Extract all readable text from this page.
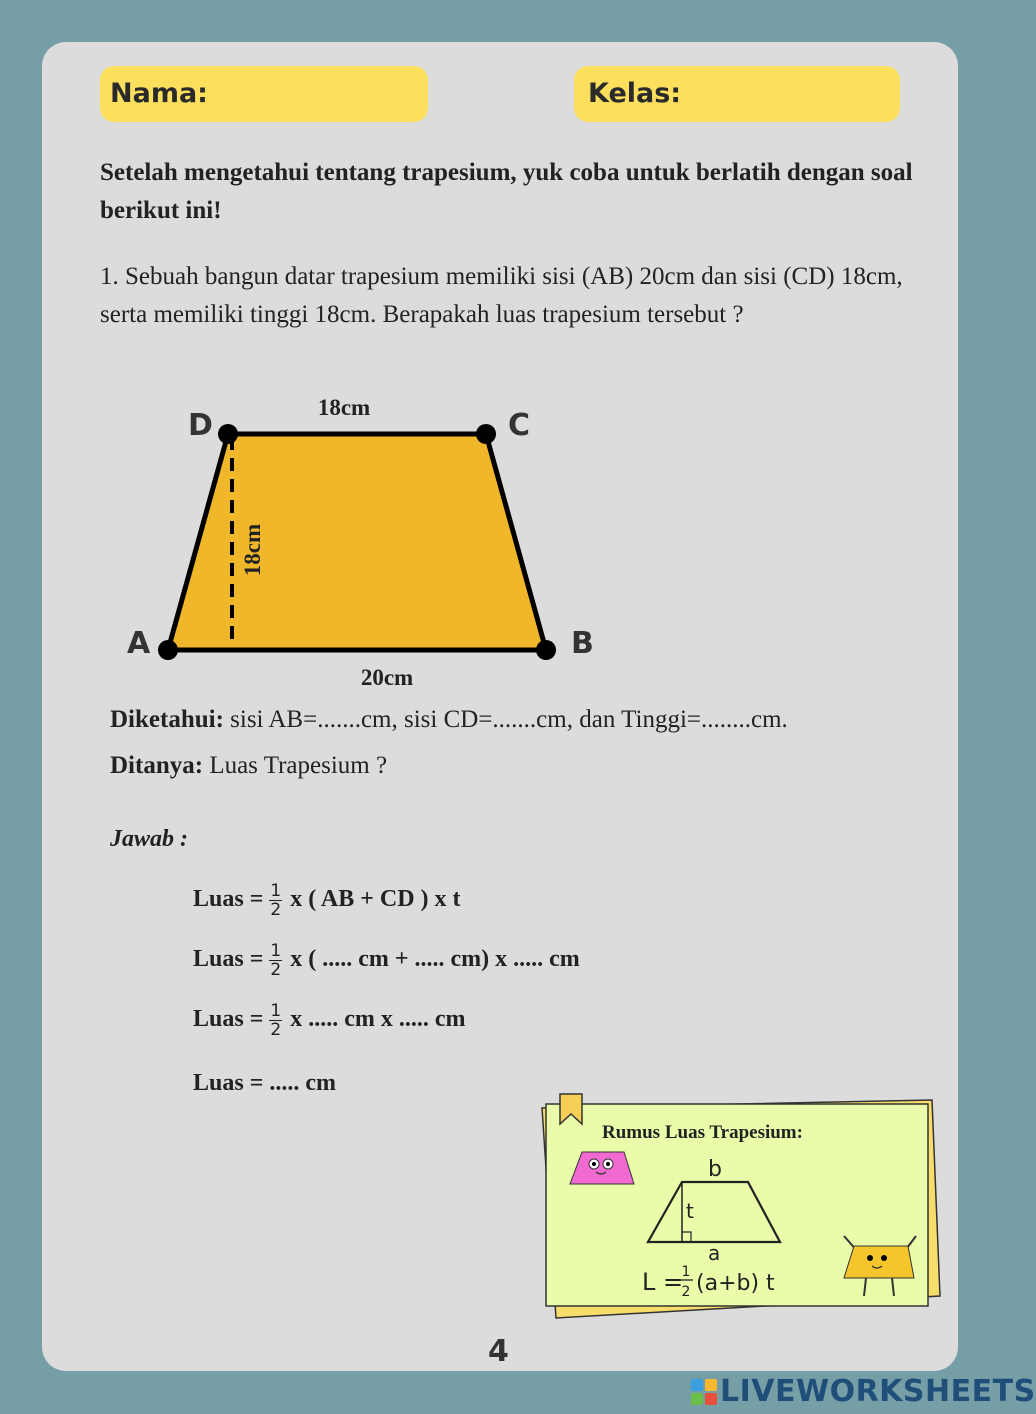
Nama:	Kelas:
Setelah mengetahui tentang trapesium, yuk coba untuk berlatih dengan soal berikut ini!
1. Sebuah bangun datar trapesium memiliki sisi (AB) 20cm dan sisi (CD) 18cm, serta memiliki tinggi 18cm. Berapakah luas trapesium tersebut ?
D	C
A	B
18cm
20cm
18cm
Diketahui: sisi AB=.......cm, sisi CD=.......cm, dan Tinggi=........cm.
Ditanya: Luas Trapesium ?
Jawab :
Luas = $\frac{1}{2}$ x ( AB + CD ) x t
Luas = $\frac{1}{2}$ x ( ..... cm + ..... cm) x ..... cm
Luas = $\frac{1}{2}$ x ..... cm x ..... cm
Luas = ..... cm
Rumus Luas Trapesium:
b
t
a
L =
1
2 (a+b) t
4
LIVEWORKSHEETS
